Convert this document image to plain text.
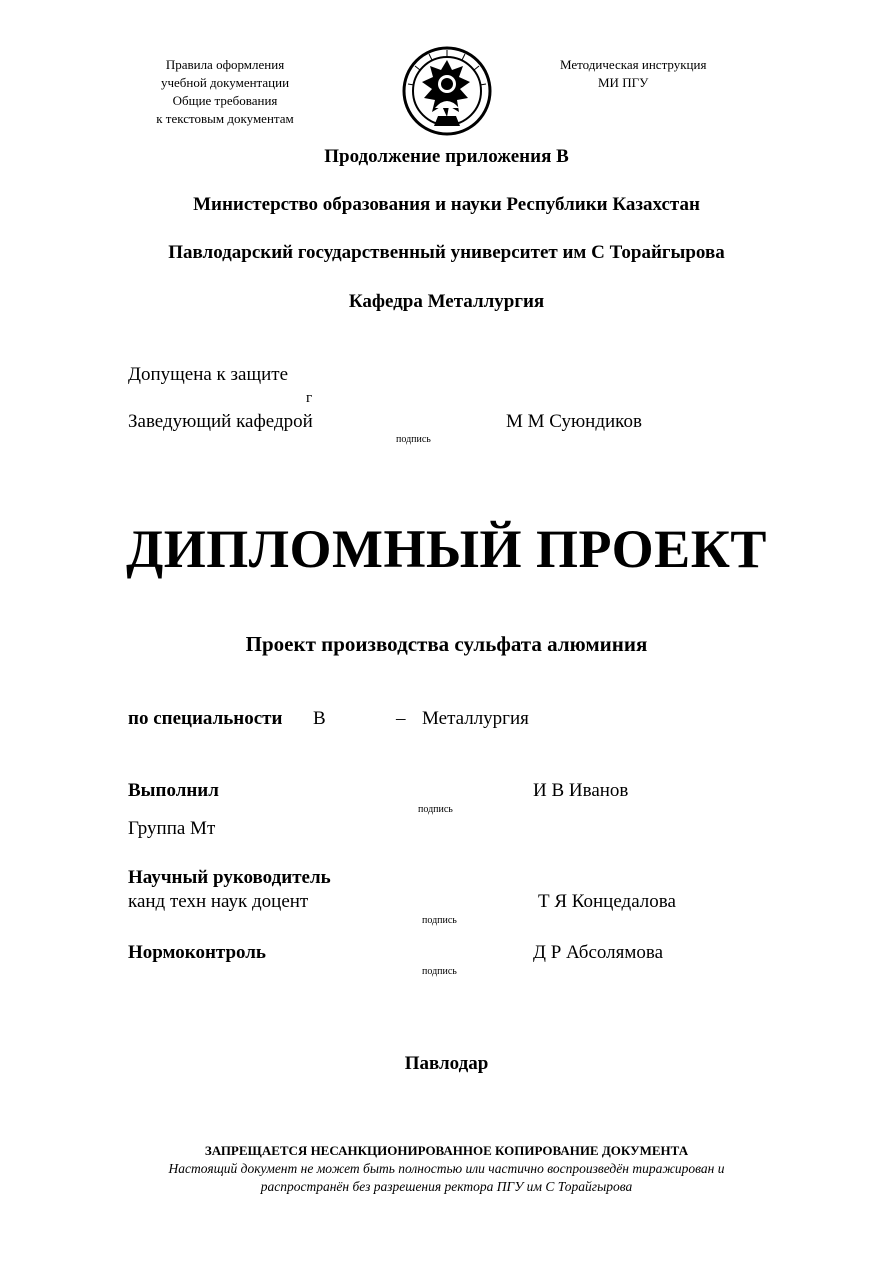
Правила оформления
учебной документации
Общие требования
к текстовым документам
Методическая инструкция
МИ ПГУ
Продолжение приложения В
Министерство образования и науки Республики Казахстан
Павлодарский государственный университет им С Торайгырова
Кафедра Металлургия
Допущена к защите
г
Заведующий кафедрой
подпись
М М Суюндиков
ДИПЛОМНЫЙ ПРОЕКТ
Проект производства сульфата алюминия
по специальности В	– Металлургия
Выполнил
подпись
И В Иванов
Группа Мт
Научный руководитель
канд техн наук доцент
подпись
Т Я Концедалова
Нормоконтроль
подпись
Д Р Абсолямова
Павлодар
ЗАПРЕЩАЕТСЯ НЕСАНКЦИОНИРОВАННОЕ КОПИРОВАНИЕ ДОКУМЕНТА
Настоящий документ не может быть полностью или частично воспроизведён тиражирован и
распространён без разрешения ректора ПГУ им С Торайгырова
